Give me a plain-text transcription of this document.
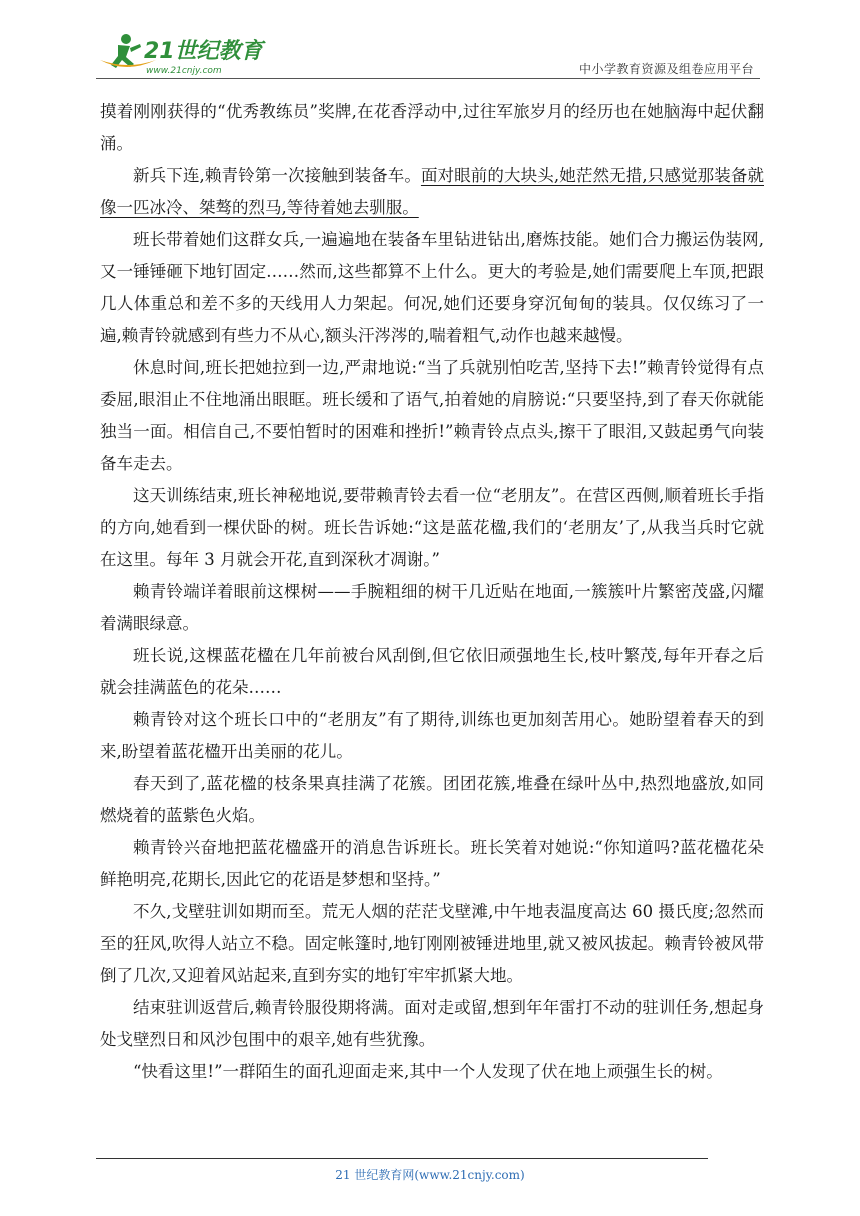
21世纪教育
www.21cnjy.com	中小学教育资源及组卷应用平台

摸着刚刚获得的“优秀教练员”奖牌,在花香浮动中,过往军旅岁月的经历也在她脑海中起伏翻涌。

新兵下连,赖青铃第一次接触到装备车。面对眼前的大块头,她茫然无措,只感觉那装备就像一匹冰冷、桀骜的烈马,等待着她去驯服。

班长带着她们这群女兵,一遍遍地在装备车里钻进钻出,磨炼技能。她们合力搬运伪装网,又一锤锤砸下地钉固定……然而,这些都算不上什么。更大的考验是,她们需要爬上车顶,把跟几人体重总和差不多的天线用人力架起。何况,她们还要身穿沉甸甸的装具。仅仅练习了一遍,赖青铃就感到有些力不从心,额头汗涔涔的,喘着粗气,动作也越来越慢。

休息时间,班长把她拉到一边,严肃地说:“当了兵就别怕吃苦,坚持下去!”赖青铃觉得有点委屈,眼泪止不住地涌出眼眶。班长缓和了语气,拍着她的肩膀说:“只要坚持,到了春天你就能独当一面。相信自己,不要怕暂时的困难和挫折!”赖青铃点点头,擦干了眼泪,又鼓起勇气向装备车走去。

这天训练结束,班长神秘地说,要带赖青铃去看一位“老朋友”。在营区西侧,顺着班长手指的方向,她看到一棵伏卧的树。班长告诉她:“这是蓝花楹,我们的‘老朋友’了,从我当兵时它就在这里。每年 3 月就会开花,直到深秋才凋谢。”

赖青铃端详着眼前这棵树——手腕粗细的树干几近贴在地面,一簇簇叶片繁密茂盛,闪耀着满眼绿意。

班长说,这棵蓝花楹在几年前被台风刮倒,但它依旧顽强地生长,枝叶繁茂,每年开春之后就会挂满蓝色的花朵……

赖青铃对这个班长口中的“老朋友”有了期待,训练也更加刻苦用心。她盼望着春天的到来,盼望着蓝花楹开出美丽的花儿。

春天到了,蓝花楹的枝条果真挂满了花簇。团团花簇,堆叠在绿叶丛中,热烈地盛放,如同燃烧着的蓝紫色火焰。

赖青铃兴奋地把蓝花楹盛开的消息告诉班长。班长笑着对她说:“你知道吗?蓝花楹花朵鲜艳明亮,花期长,因此它的花语是梦想和坚持。”

不久,戈壁驻训如期而至。荒无人烟的茫茫戈壁滩,中午地表温度高达 60 摄氏度;忽然而至的狂风,吹得人站立不稳。固定帐篷时,地钉刚刚被锤进地里,就又被风拔起。赖青铃被风带倒了几次,又迎着风站起来,直到夯实的地钉牢牢抓紧大地。

结束驻训返营后,赖青铃服役期将满。面对走或留,想到年年雷打不动的驻训任务,想起身处戈壁烈日和风沙包围中的艰辛,她有些犹豫。

“快看这里!”一群陌生的面孔迎面走来,其中一个人发现了伏在地上顽强生长的树。

21 世纪教育网(www.21cnjy.com)
